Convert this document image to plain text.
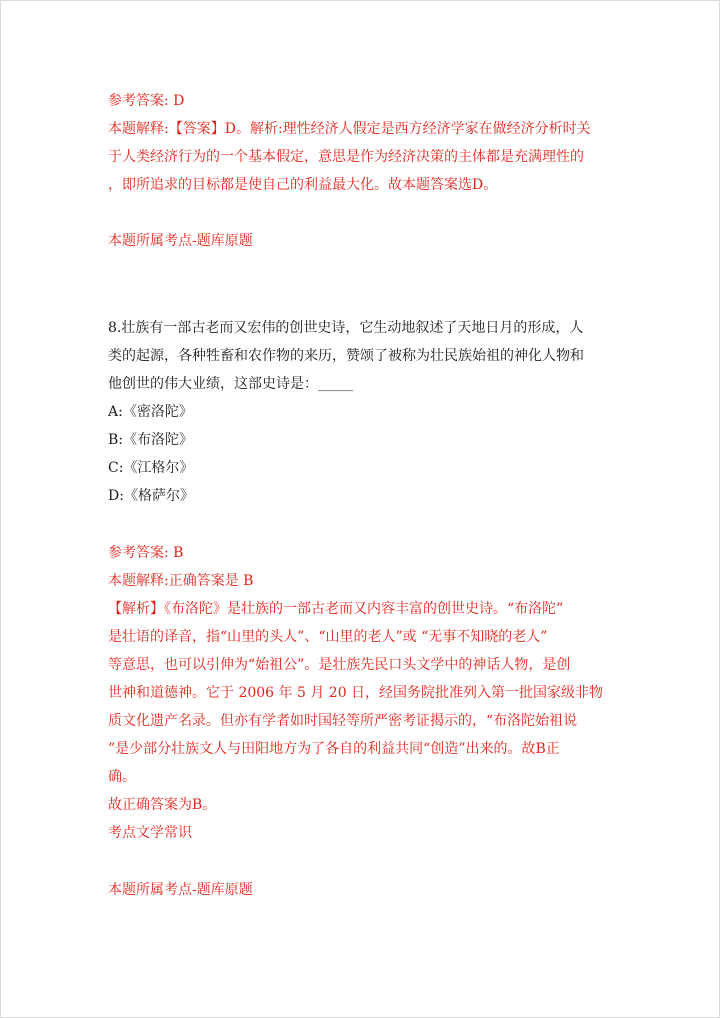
参考答案: D
本题解释:【答案】D。解析:理性经济人假定是西方经济学家在做经济分析时关
于人类经济行为的一个基本假定，意思是作为经济决策的主体都是充满理性的
，即所追求的目标都是使自己的利益最大化。故本题答案选D。
本题所属考点-题库原题
8.壮族有一部古老而又宏伟的创世史诗，它生动地叙述了天地日月的形成，人
类的起源，各种牲畜和农作物的来历，赞颂了被称为壮民族始祖的神化人物和
他创世的伟大业绩，这部史诗是：_____
A:《密洛陀》
B:《布洛陀》
C:《江格尔》
D:《格萨尔》
参考答案: B
本题解释:正确答案是 B
【解析】《布洛陀》是壮族的一部古老而又内容丰富的创世史诗。“布洛陀”
是壮语的译音，指“山里的头人”、“山里的老人”或 “无事不知晓的老人”
等意思，也可以引伸为“始祖公”。是壮族先民口头文学中的神话人物，是创
世神和道德神。它于 2006 年 5 月 20 日，经国务院批准列入第一批国家级非物
质文化遗产名录。但亦有学者如时国轻等所严密考证揭示的，“布洛陀始祖说
”是少部分壮族文人与田阳地方为了各自的利益共同“创造”出来的。故B正
确。
故正确答案为B。
考点文学常识
本题所属考点-题库原题
